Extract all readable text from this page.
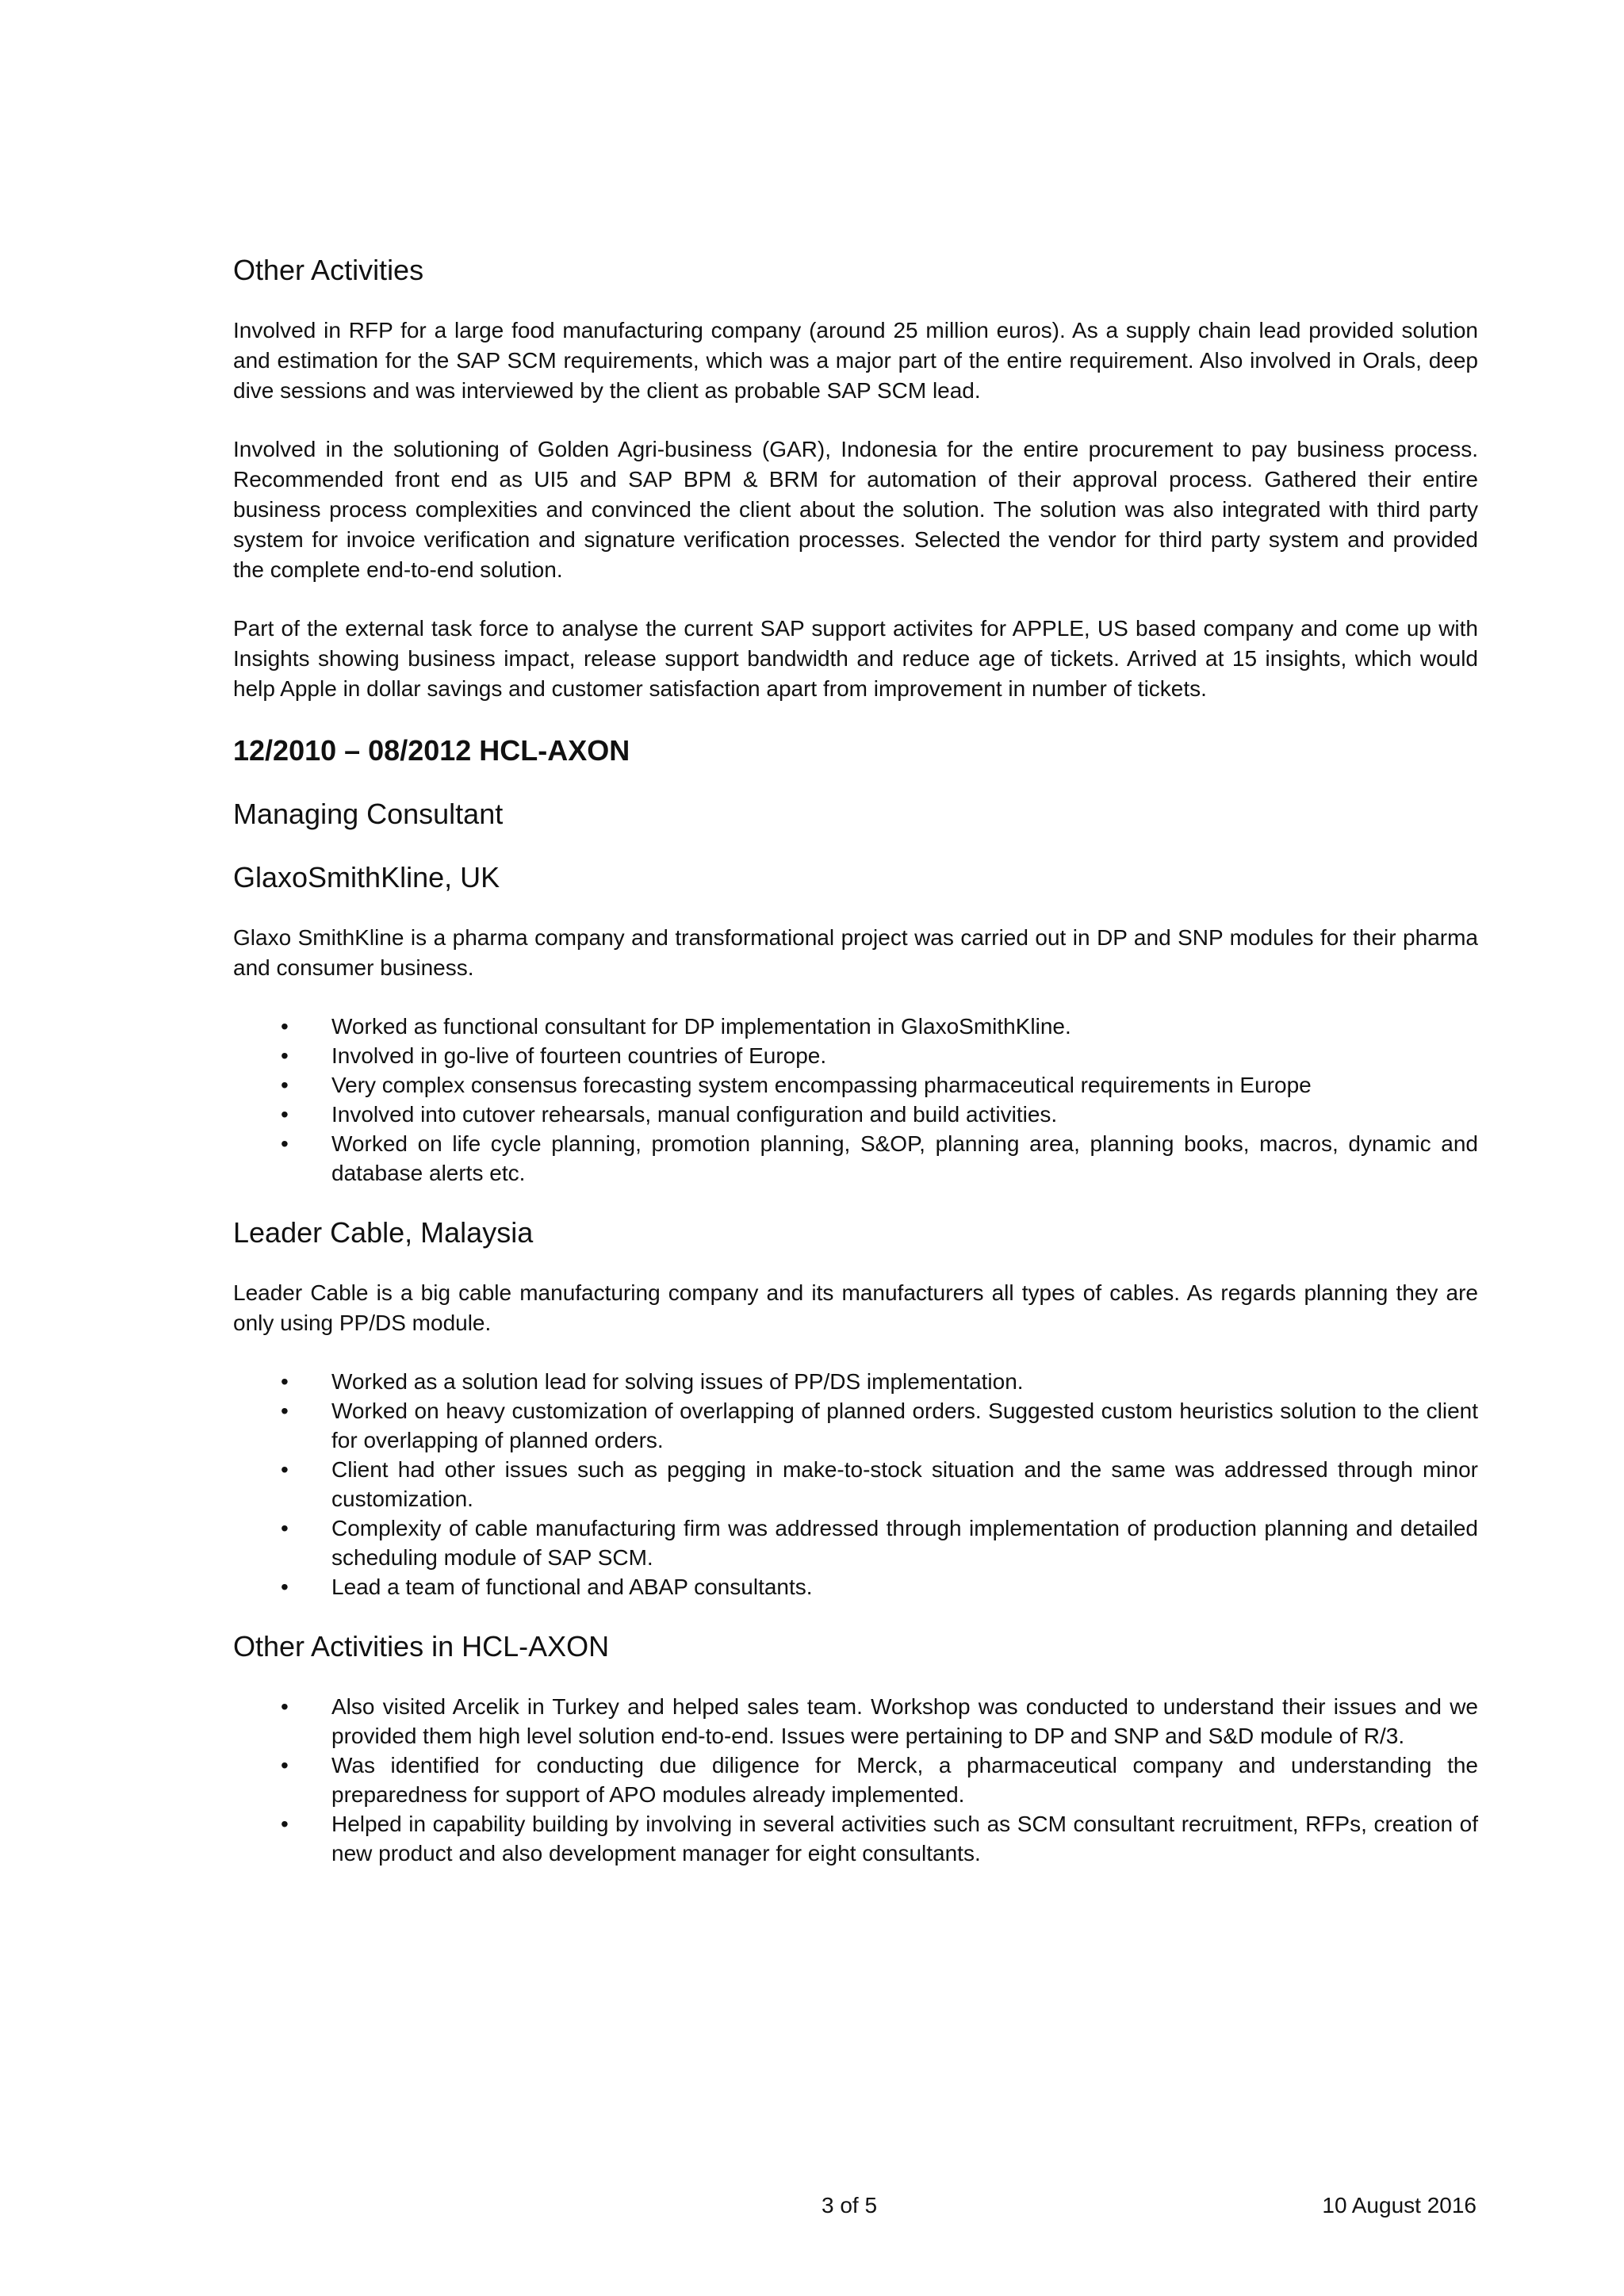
Other Activities

Involved in RFP for a large food manufacturing company (around 25 million euros). As a supply chain lead provided solution and estimation for the SAP SCM requirements, which was a major part of the entire requirement. Also involved in Orals, deep dive sessions and was interviewed by the client as probable SAP SCM lead.

Involved in the solutioning of Golden Agri-business (GAR), Indonesia for the entire procurement to pay business process. Recommended front end as UI5 and SAP BPM & BRM for automation of their approval process. Gathered their entire business process complexities and convinced the client about the solution. The solution was also integrated with third party system for invoice verification and signature verification processes. Selected the vendor for third party system and provided the complete end-to-end solution.

Part of the external task force to analyse the current SAP support activites for APPLE, US based company and come up with Insights showing business impact, release support bandwidth and reduce age of tickets. Arrived at 15 insights, which would help Apple in dollar savings and customer satisfaction apart from improvement in number of tickets.

12/2010 – 08/2012 HCL-AXON
Managing Consultant
GlaxoSmithKline, UK

Glaxo SmithKline is a pharma company and transformational project was carried out in DP and SNP modules for their pharma and consumer business.

•	Worked as functional consultant for DP implementation in GlaxoSmithKline.
•	Involved in go-live of fourteen countries of Europe.
•	Very complex consensus forecasting system encompassing pharmaceutical requirements in Europe
•	Involved into cutover rehearsals, manual configuration and build activities.
•	Worked on life cycle planning, promotion planning, S&OP, planning area, planning books, macros, dynamic and database alerts etc.
Leader Cable, Malaysia

Leader Cable is a big cable manufacturing company and its manufacturers all types of cables. As regards planning they are only using PP/DS module.

•	Worked as a solution lead for solving issues of PP/DS implementation.
•	Worked on heavy customization of overlapping of planned orders. Suggested custom heuristics solution to the client for overlapping of planned orders.
•	Client had other issues such as pegging in make-to-stock situation and the same was addressed through minor customization.
•	Complexity of cable manufacturing firm was addressed through implementation of production planning and detailed scheduling module of SAP SCM.
•	Lead a team of functional and ABAP consultants.
Other Activities in HCL-AXON
•	Also visited Arcelik in Turkey and helped sales team. Workshop was conducted to understand their issues and we provided them high level solution end-to-end. Issues were pertaining to DP and SNP and S&D module of R/3.
•	Was identified for conducting due diligence for Merck, a pharmaceutical company and understanding the preparedness for support of APO modules already implemented.
•	Helped in capability building by involving in several activities such as SCM consultant recruitment, RFPs, creation of new product and also development manager for eight consultants.
3 of 5	10 August 2016
